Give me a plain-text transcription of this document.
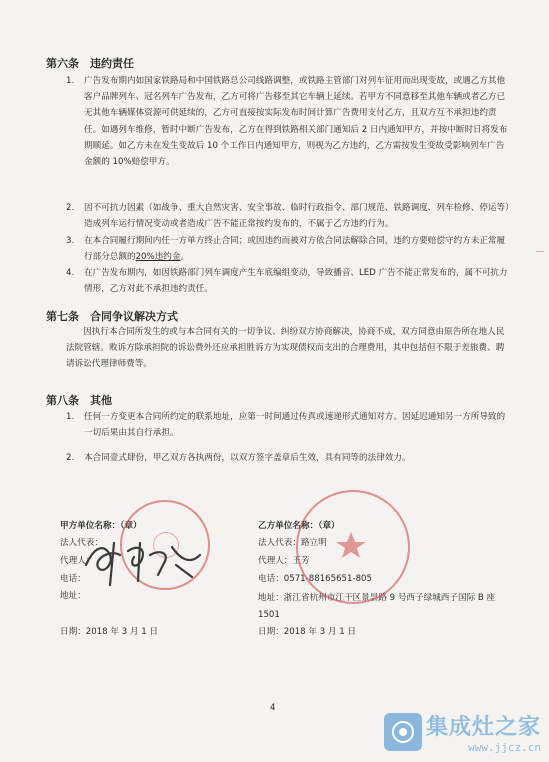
第六条　违约责任
1. 广告发布期内如国家铁路局和中国铁路总公司线路调整，或铁路主管部门对列车征用而出现变故，或遇乙方其他客户品牌列车、冠名列车广告发布，乙方可将广告移至其它车辆上延续。若甲方不同意移至其他车辆或者乙方已无其他车辆媒体资源可供延续的，乙方可直接按实际发布时间计算广告费用支付乙方，且双方互不承担违约责任。如遇列车维修，暂时中断广告发布，乙方在得到铁路相关部门通知后 2 日内通知甲方，并按中断时日将发布期顺延。如乙方未在发生变故后 10 个工作日内通知甲方，则视为乙方违约，乙方需按发生变故受影响列车广告金额的 10%赔偿甲方。
2. 因不可抗力因素（如战争、重大自然灾害、安全事故、临时行政指令、部门规范、铁路调度、列车检修、停运等）造成列车运行情况变动或者造成广告不能正常按约发布的，不属于乙方违约行为。
3. 在本合同履行期间内任一方单方终止合同；或因违约而被对方依合同法解除合同，违约方要赔偿守约方未正常履行部分总额的20%违约金。
4. 在广告发布期内，如因铁路部门列车调度产生车底编组变动，导致播音、LED 广告不能正常发布的，属不可抗力情形，乙方对此不承担违约责任。
第七条　合同争议解决方式
因执行本合同所发生的或与本合同有关的一切争议、纠纷双方协商解决，协商不成，双方同意由原告所在地人民法院管辖。败诉方除承担院的诉讼费外还应承担胜诉方为实现债权而支出的合理费用，其中包括但不限于差旅费、聘请诉讼代理律师费等。
第八条　其他
1. 任何一方变更本合同所约定的联系地址，应第一时间通过传真或速递形式通知对方。因延迟通知另一方所导致的一切后果由其自行承担。
2. 本合同壹式肆份，甲乙双方各执两份，以双方签字盖章后生效，具有同等的法律效力。
甲方单位名称：（章）
法人代表：
代理人：
电话：
地址：
日期：2018 年 3 月 1 日
乙方单位名称：（章）
法人代表：路立明
代理人：王芳
电话：0571-88165651-805
地址：浙江省杭州市江干区景昙路 9 号西子绿城西子国际 B 座 1501
日期：2018 年 3 月 1 日
|
4
集成灶之家
www.jjcz.cn
